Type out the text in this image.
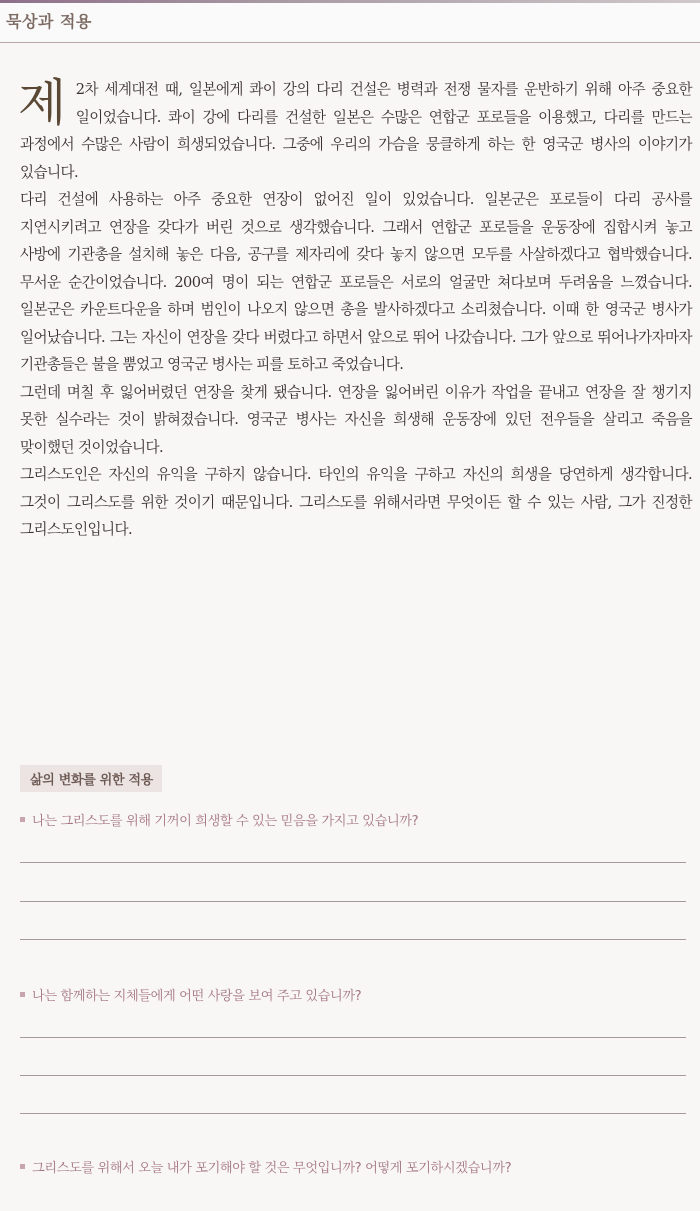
묵상과 적용

제 2차 세계대전 때, 일본에게 콰이 강의 다리 건설은 병력과 전쟁 물자를 운반하기 위해 아주 중요한 일이었습니다. 콰이 강에 다리를 건설한 일본은 수많은 연합군 포로들을 이용했고, 다리를 만드는 과정에서 수많은 사람이 희생되었습니다. 그중에 우리의 가슴을 뭉클하게 하는 한 영국군 병사의 이야기가 있습니다.

다리 건설에 사용하는 아주 중요한 연장이 없어진 일이 있었습니다. 일본군은 포로들이 다리 공사를 지연시키려고 연장을 갖다가 버린 것으로 생각했습니다. 그래서 연합군 포로들을 운동장에 집합시켜 놓고 사방에 기관총을 설치해 놓은 다음, 공구를 제자리에 갖다 놓지 않으면 모두를 사살하겠다고 협박했습니다. 무서운 순간이었습니다. 200여 명이 되는 연합군 포로들은 서로의 얼굴만 쳐다보며 두려움을 느꼈습니다. 일본군은 카운트다운을 하며 범인이 나오지 않으면 총을 발사하겠다고 소리쳤습니다. 이때 한 영국군 병사가 일어났습니다. 그는 자신이 연장을 갖다 버렸다고 하면서 앞으로 뛰어 나갔습니다. 그가 앞으로 뛰어나가자마자 기관총들은 불을 뿜었고 영국군 병사는 피를 토하고 죽었습니다.

그런데 며칠 후 잃어버렸던 연장을 찾게 됐습니다. 연장을 잃어버린 이유가 작업을 끝내고 연장을 잘 챙기지 못한 실수라는 것이 밝혀졌습니다. 영국군 병사는 자신을 희생해 운동장에 있던 전우들을 살리고 죽음을 맞이했던 것이었습니다.

그리스도인은 자신의 유익을 구하지 않습니다. 타인의 유익을 구하고 자신의 희생을 당연하게 생각합니다. 그것이 그리스도를 위한 것이기 때문입니다. 그리스도를 위해서라면 무엇이든 할 수 있는 사람, 그가 진정한 그리스도인입니다.

삶의 변화를 위한 적용
나는 그리스도를 위해 기꺼이 희생할 수 있는 믿음을 가지고 있습니까?
나는 함께하는 지체들에게 어떤 사랑을 보여 주고 있습니까?
그리스도를 위해서 오늘 내가 포기해야 할 것은 무엇입니까? 어떻게 포기하시겠습니까?
